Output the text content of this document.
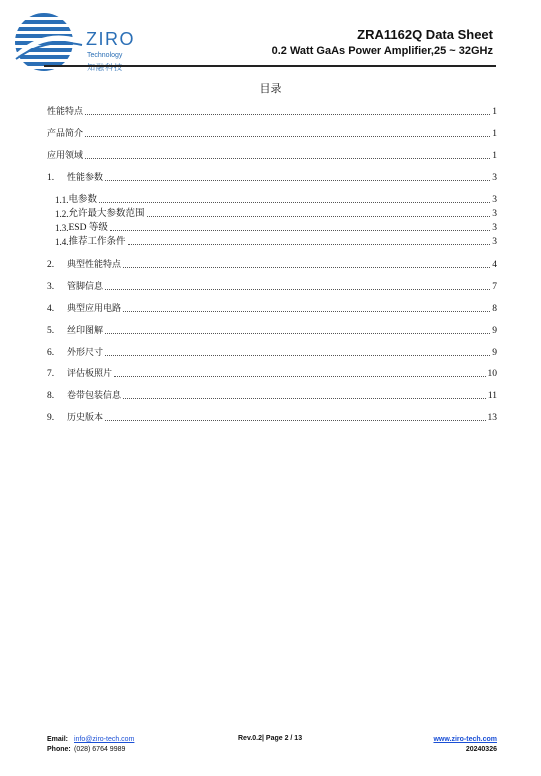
ZIRO
Technology
知融科技
ZRA1162Q Data Sheet
0.2 Watt GaAs Power Amplifier,25 ~ 32GHz
目录
性能特点	1
产品简介	1
应用领域	1
1.	性能参数	3
1.1. 电参数	3
1.2. 允许最大参数范围	3
1.3. ESD 等级	3
1.4. 推荐工作条件	3
2.	典型性能特点	4
3.	管脚信息	7
4.	典型应用电路	8
5.	丝印图解	9
6.	外形尺寸	9
7.	评估板照片	10
8.	卷带包装信息	11
9.	历史版本	13
Email: info@ziro-tech.com
Phone: (028) 6764 9989
Rev.0.2| Page 2 / 13	www.ziro-tech.com
20240326
